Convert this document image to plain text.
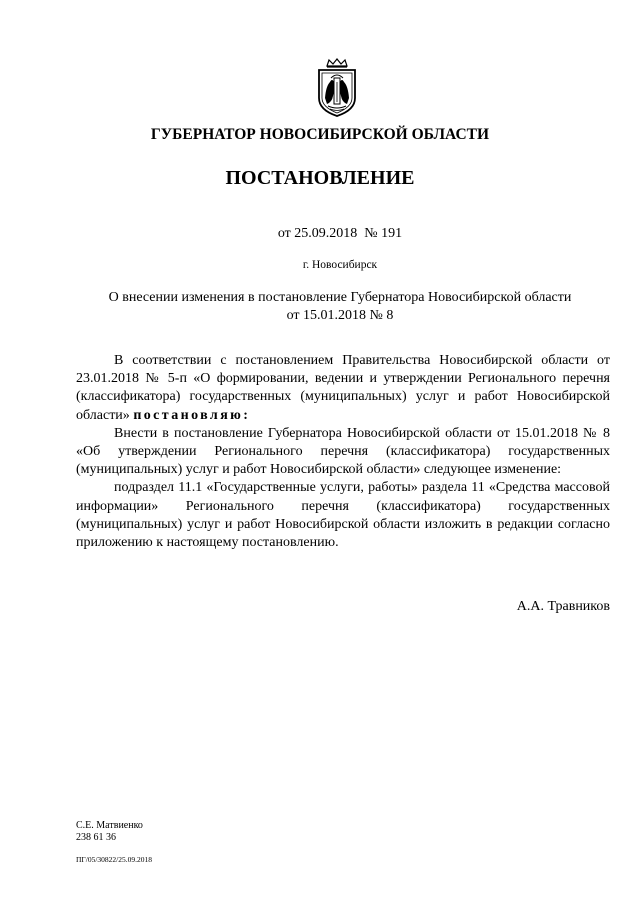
ГУБЕРНАТОР НОВОСИБИРСКОЙ ОБЛАСТИ
ПОСТАНОВЛЕНИЕ
от 25.09.2018  № 191
г. Новосибирск
О внесении изменения в постановление Губернатора Новосибирской области
от 15.01.2018 № 8

В соответствии с постановлением Правительства Новосибирской области от 23.01.2018 № 5-п «О формировании, ведении и утверждении Регионального перечня (классификатора) государственных (муниципальных) услуг и работ Новосибирской области» постановляю:

Внести в постановление Губернатора Новосибирской области от 15.01.2018 № 8 «Об утверждении Регионального перечня (классификатора) государственных (муниципальных) услуг и работ Новосибирской области» следующее изменение:

подраздел 11.1 «Государственные услуги, работы» раздела 11 «Средства массовой информации» Регионального перечня (классификатора) государственных (муниципальных) услуг и работ Новосибирской области изложить в редакции согласно приложению к настоящему постановлению.

А.А. Травников
С.Е. Матвиенко
238 61 36
ПГ/05/30822/25.09.2018
